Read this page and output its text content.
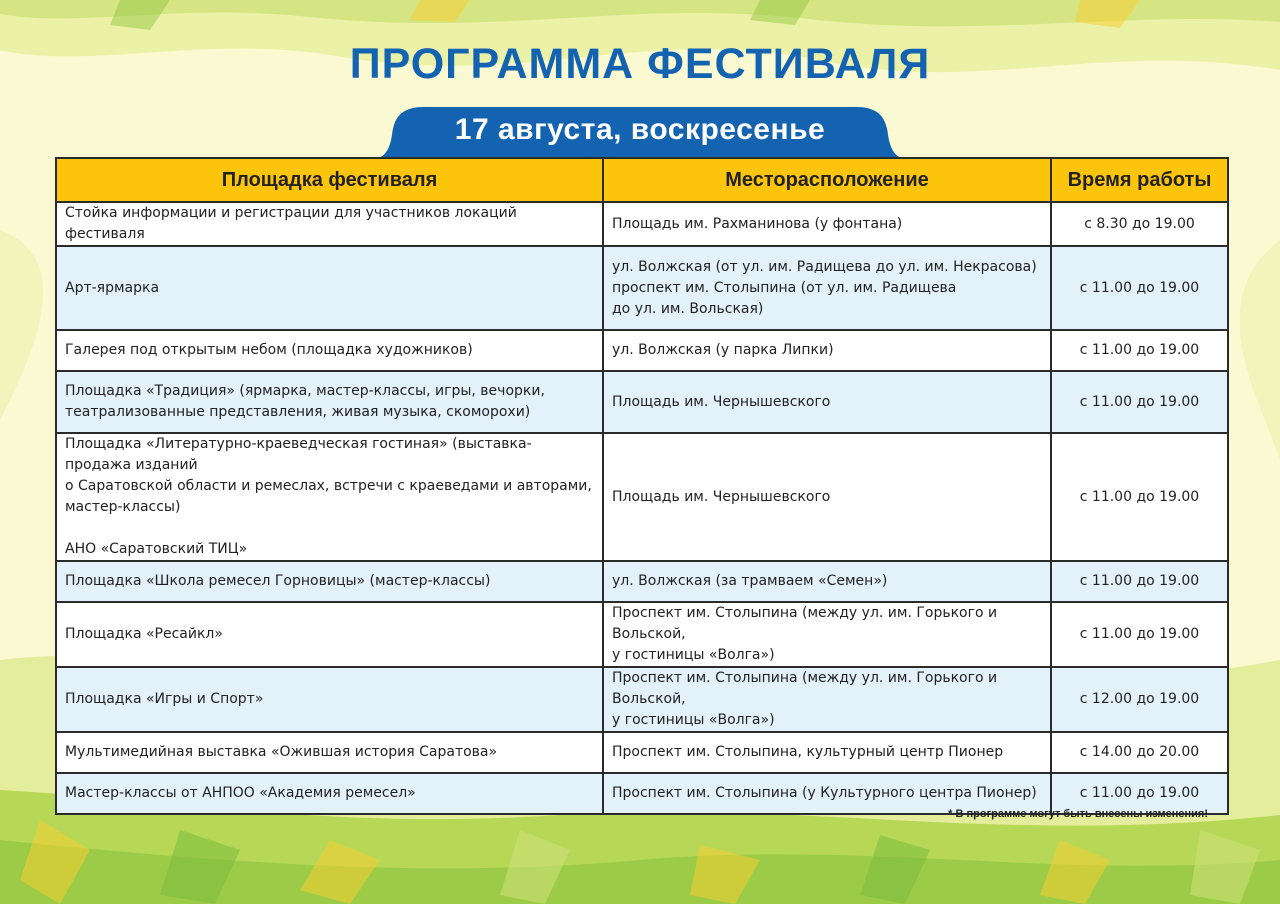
ПРОГРАММА ФЕСТИВАЛЯ
17 августа, воскресенье
Площадка фестиваля	Месторасположение	Время работы
Стойка информации и регистрации для участников локаций фестиваля	Площадь им. Рахманинова (у фонтана)	с 8.30 до 19.00
Арт-ярмарка	ул. Волжская (от ул. им. Радищева до ул. им. Некрасова)
проспект им. Столыпина (от ул. им. Радищева
до ул. им. Вольская)	с 11.00 до 19.00
Галерея под открытым небом (площадка художников)	ул. Волжская (у парка Липки)	с 11.00 до 19.00
Площадка «Традиция» (ярмарка, мастер-классы, игры, вечорки,
театрализованные представления, живая музыка, скоморохи)	Площадь им. Чернышевского	с 11.00 до 19.00
Площадка «Литературно-краеведческая гостиная» (выставка-продажа изданий
о Саратовской области и ремеслах, встречи с краеведами и авторами,
мастер-классы)

АНО «Саратовский ТИЦ»	Площадь им. Чернышевского	с 11.00 до 19.00
Площадка «Школа ремесел Горновицы» (мастер-классы)	ул. Волжская (за трамваем «Семен»)	с 11.00 до 19.00
Площадка «Ресайкл»	Проспект им. Столыпина (между ул. им. Горького и Вольской,
у гостиницы «Волга»)	с 11.00 до 19.00
Площадка «Игры и Спорт»	Проспект им. Столыпина (между ул. им. Горького и Вольской,
у гостиницы «Волга»)	с 12.00 до 19.00
Мультимедийная выставка «Ожившая история Саратова»	Проспект им. Столыпина, культурный центр Пионер	с 14.00 до 20.00
Мастер-классы от АНПОО «Академия ремесел»	Проспект им. Столыпина (у Культурного центра Пионер)	с 11.00 до 19.00
* В программе могут быть внесены изменения!
